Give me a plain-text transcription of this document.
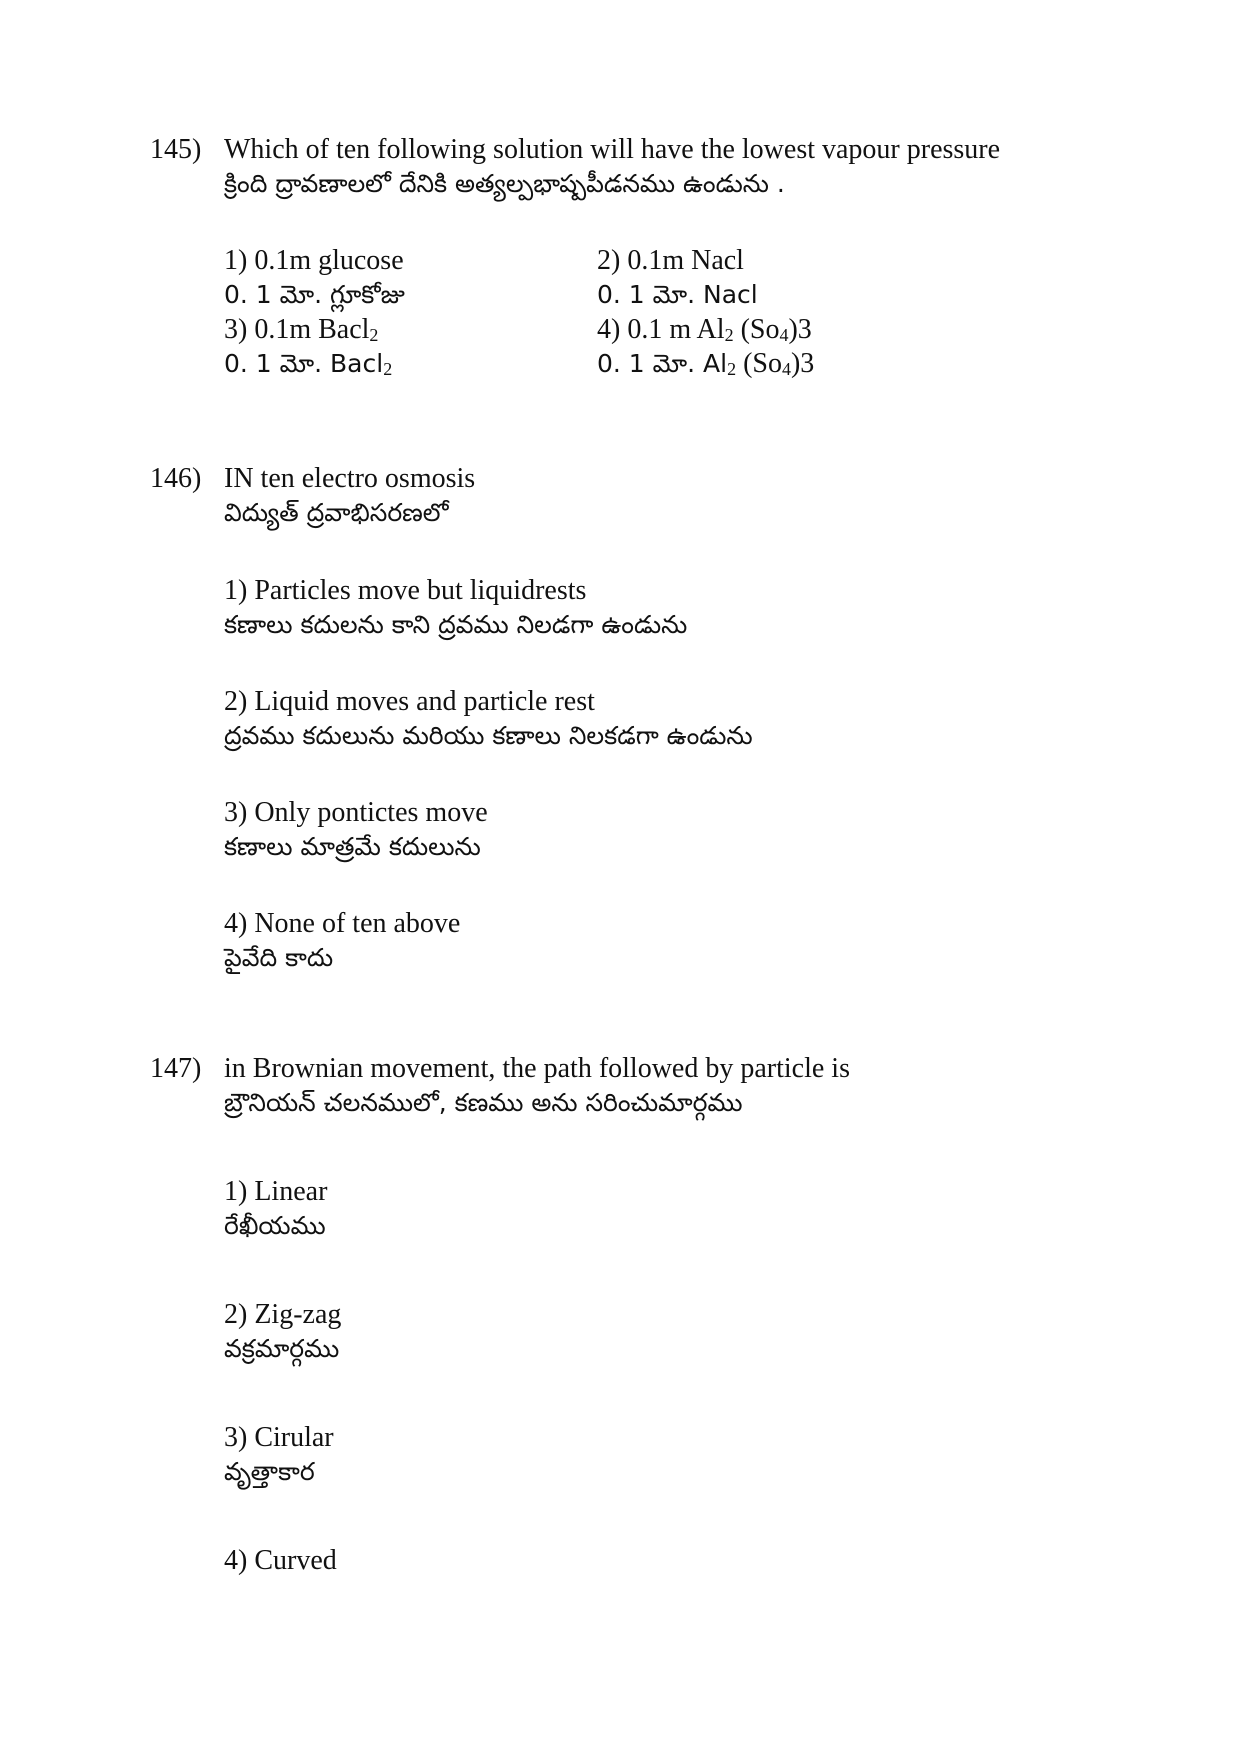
145) Which of ten following solution will have the lowest vapour pressure
క్రింది ద్రావణాలలో దేనికి అత్యల్పభాష్పపీడనము ఉండును .
1) 0.1m glucose
0. 1 మో. గ్లూకోజు
2) 0.1m Nacl
0. 1 మో. Nacl
3) 0.1m Bacl$_2$
0. 1 మో. Bacl$_2$
4) 0.1 m $Al_2$ $(So_4)3$
0. 1 మో. $Al_2$ $(So_4)3$
146) IN ten electro osmosis
విద్యుత్ ద్రవాభిసరణలో
1) Particles move but liquidrests
కణాలు కదులను కాని ద్రవము నిలడగా ఉండును
2) Liquid moves and particle rest
ద్రవము కదులును మరియు కణాలు నిలకడగా ఉండును
3) Only pontictes move
కణాలు మాత్రమే కదులును
4) None of ten above
పైవేది కాదు
147) in Brownian movement, the path followed by particle is
బ్రౌనియన్ చలనములో, కణము అను సరించుమార్గము
1) Linear
రేఖీయము
2) Zig-zag
వక్రమార్గము
3) Cirular
వృత్తాకార
4) Curved
